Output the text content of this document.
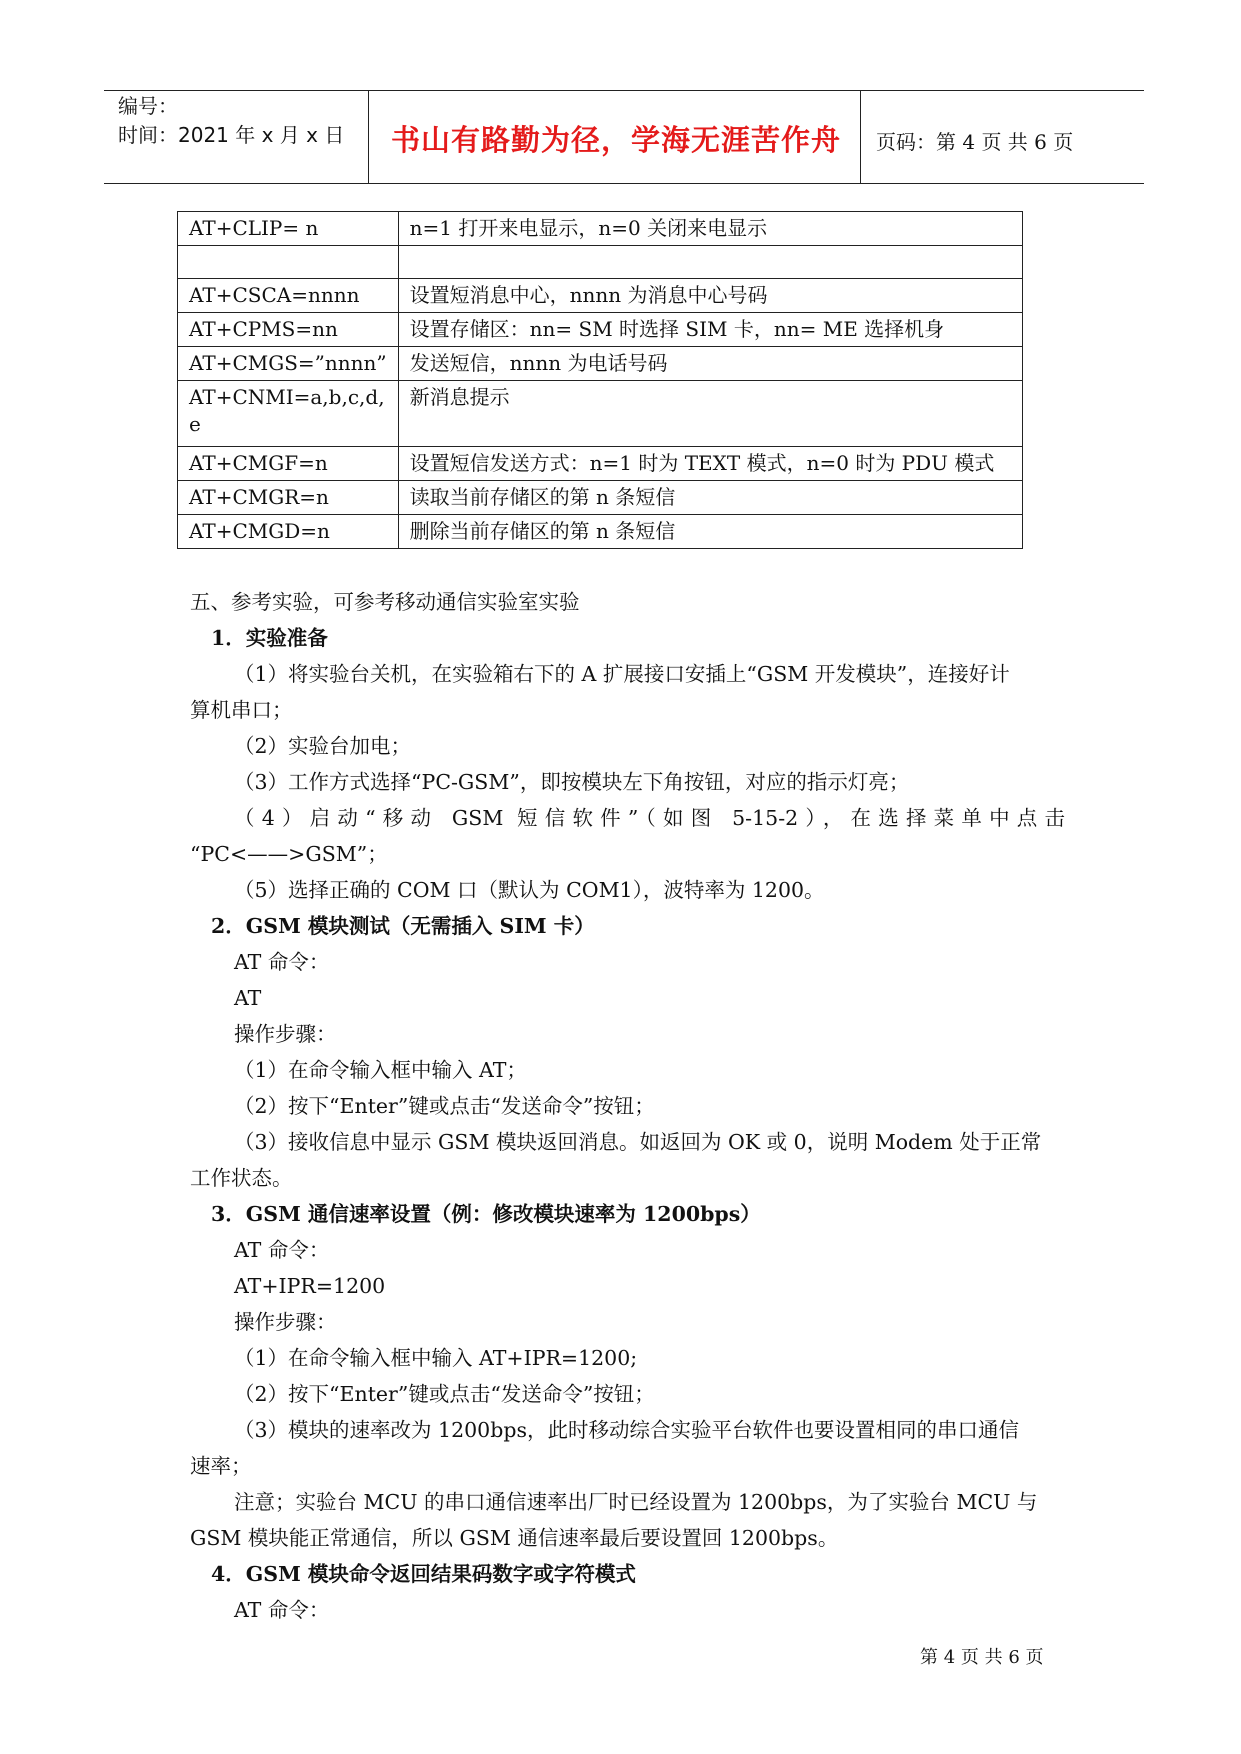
编号：
时间：2021 年 x 月 x 日	书山有路勤为径，学海无涯苦作舟	页码：第 4 页 共 6 页
AT+CLIP= n	n=1 打开来电显示，n=0 关闭来电显示

AT+CSCA=nnnn	设置短消息中心，nnnn 为消息中心号码
AT+CPMS=nn	设置存储区：nn= SM 时选择 SIM 卡，nn= ME 选择机身
AT+CMGS=”nnnn”	发送短信，nnnn 为电话号码
AT+CNMI=a,b,c,d,e	新消息提示
AT+CMGF=n	设置短信发送方式：n=1 时为 TEXT 模式，n=0 时为 PDU 模式
AT+CMGR=n	读取当前存储区的第 n 条短信
AT+CMGD=n	删除当前存储区的第 n 条短信

五、参考实验，可参考移动通信实验室实验

1．实验准备

（1）将实验台关机，在实验箱右下的 A 扩展接口安插上“GSM 开发模块”，连接好计

算机串口；

（2）实验台加电；

（3）工作方式选择“PC-GSM”，即按模块左下角按钮，对应的指示灯亮；

（4）启动“移动 GSM 短信软件”（如图 5-15-2），在选择菜单中点击

“PC<——>GSM”；

（5）选择正确的 COM 口（默认为 COM1），波特率为 1200。

2．GSM 模块测试（无需插入 SIM 卡）

AT 命令：

AT

操作步骤：

（1）在命令输入框中输入 AT；

（2）按下“Enter”键或点击“发送命令”按钮；

（3）接收信息中显示 GSM 模块返回消息。如返回为 OK 或 0，说明 Modem 处于正常

工作状态。

3．GSM 通信速率设置（例：修改模块速率为 1200bps）

AT 命令：

AT+IPR=1200

操作步骤：

（1）在命令输入框中输入 AT+IPR=1200;

（2）按下“Enter”键或点击“发送命令”按钮；

（3）模块的速率改为 1200bps，此时移动综合实验平台软件也要设置相同的串口通信

速率；

注意；实验台 MCU 的串口通信速率出厂时已经设置为 1200bps，为了实验台 MCU 与

GSM 模块能正常通信，所以 GSM 通信速率最后要设置回 1200bps。

4．GSM 模块命令返回结果码数字或字符模式

AT 命令：

第 4 页 共 6 页
